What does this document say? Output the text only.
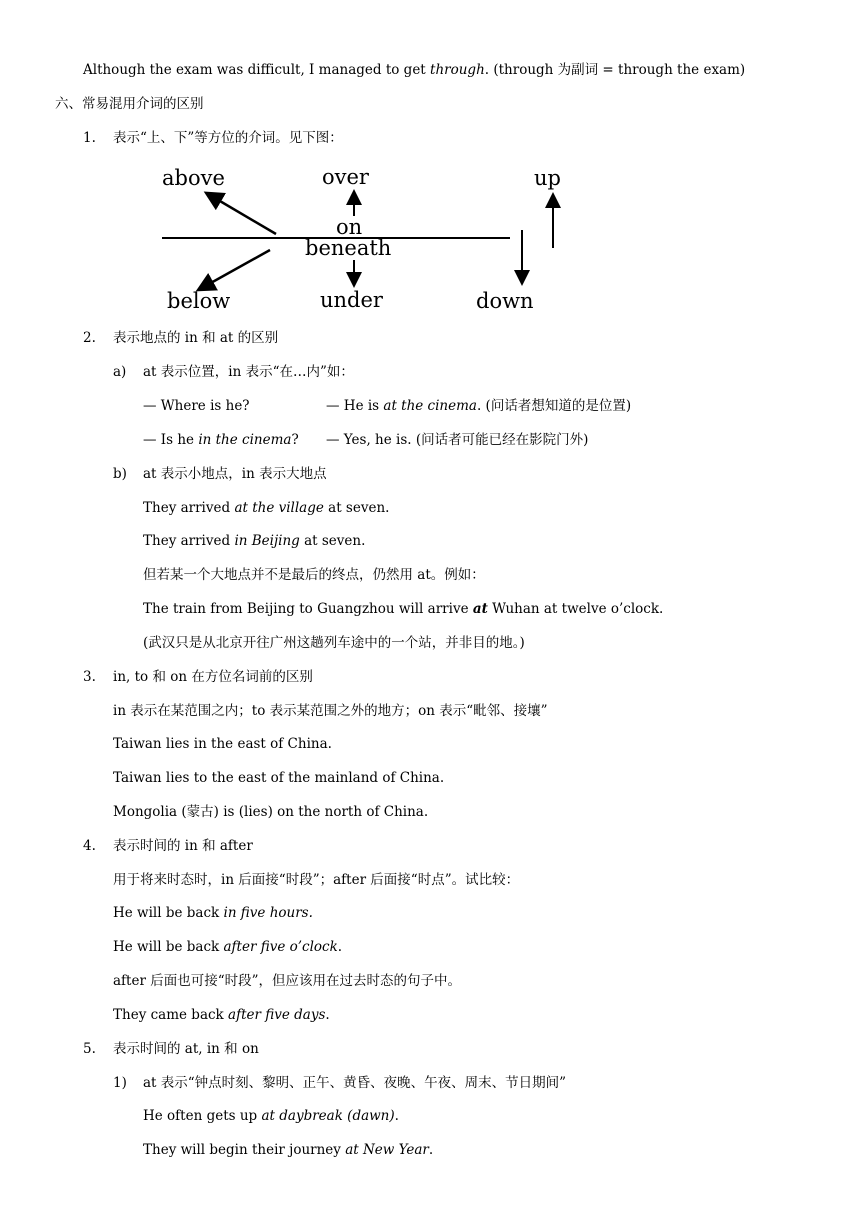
Although the exam was difficult, I managed to get through. (through 为副词 = through the exam)
六、常易混用介词的区别
1. 表示“上、下”等方位的介词。见下图：
above	over	up
on
beneath
below	under	down
2. 表示地点的 in 和 at 的区别
a) at 表示位置，in 表示“在…内”如：
— Where is he?	— He is at the cinema. (问话者想知道的是位置)
— Is he in the cinema? — Yes, he is. (问话者可能已经在影院门外)
b) at 表示小地点，in 表示大地点
They arrived at the village at seven.
They arrived in Beijing at seven.
但若某一个大地点并不是最后的终点，仍然用 at。例如：
The train from Beijing to Guangzhou will arrive at Wuhan at twelve o’clock.
(武汉只是从北京开往广州这趟列车途中的一个站，并非目的地。)
3. in, to 和 on 在方位名词前的区别
in 表示在某范围之内；to 表示某范围之外的地方；on 表示“毗邻、接壤”
Taiwan lies in the east of China.
Taiwan lies to the east of the mainland of China.
Mongolia (蒙古) is (lies) on the north of China.
4. 表示时间的 in 和 after
用于将来时态时，in 后面接“时段”；after 后面接“时点”。试比较：
He will be back in five hours.
He will be back after five o’clock.
after 后面也可接“时段”，但应该用在过去时态的句子中。
They came back after five days.
5. 表示时间的 at, in 和 on
1) at 表示“钟点时刻、黎明、正午、黄昏、夜晚、午夜、周末、节日期间”
He often gets up at daybreak (dawn).
They will begin their journey at New Year.
